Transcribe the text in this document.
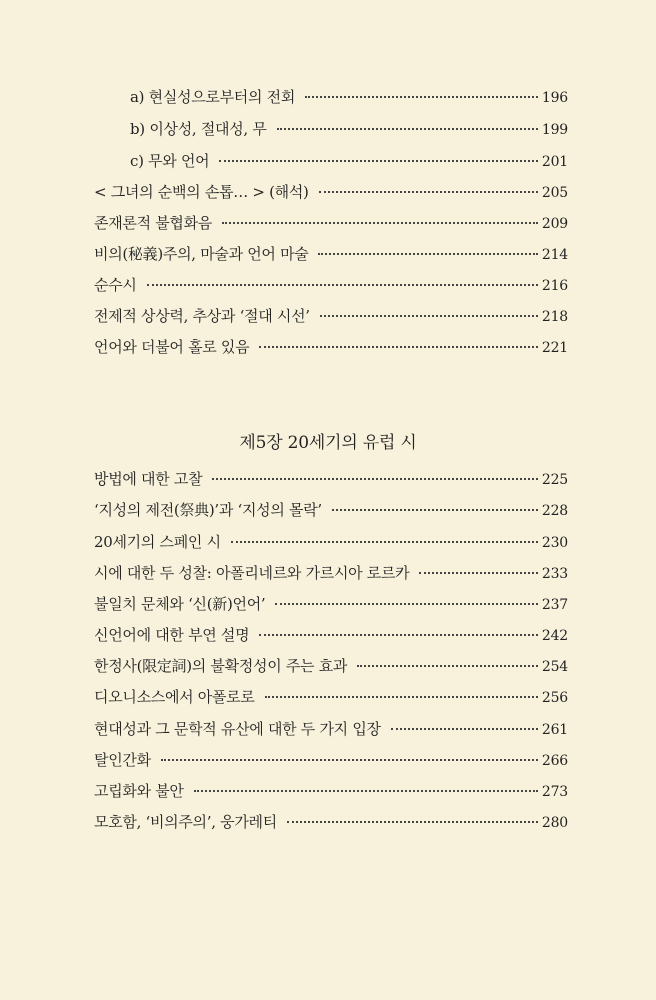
a) 현실성으로부터의 전회	196
b) 이상성, 절대성, 무	199
c) 무와 언어	201
< 그녀의 순백의 손톱… > (해석)	205
존재론적 불협화음	209
비의(秘義)주의, 마술과 언어 마술	214
순수시	216
전제적 상상력, 추상과 ‘절대 시선’	218
언어와 더불어 홀로 있음	221
제5장 20세기의 유럽 시
방법에 대한 고찰	225
‘지성의 제전(祭典)’과 ‘지성의 몰락’	228
20세기의 스페인 시	230
시에 대한 두 성찰: 아폴리네르와 가르시아 로르카	233
불일치 문체와 ‘신(新)언어’	237
신언어에 대한 부연 설명	242
한정사(限定詞)의 불확정성이 주는 효과	254
디오니소스에서 아폴로로	256
현대성과 그 문학적 유산에 대한 두 가지 입장	261
탈인간화	266
고립화와 불안	273
모호함, ‘비의주의’, 웅가레티	280
